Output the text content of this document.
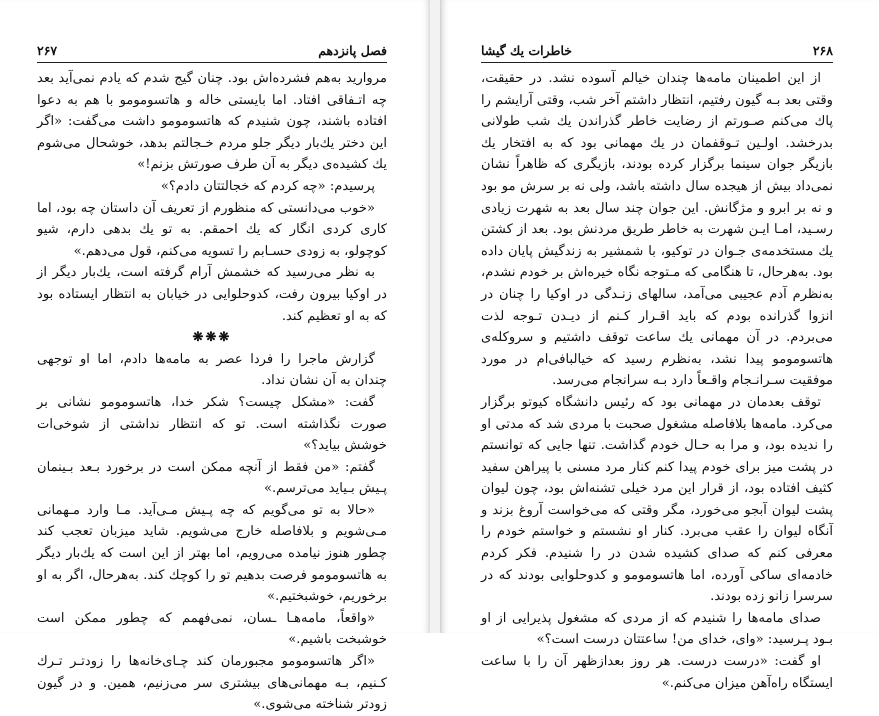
۲۶۷	فصل پانزدهم

مرواريد به‌هم فشرده‌اش بود. چنان گيج شدم كه يادم نمی‌آيد بعد چه اتـفاقی افتاد. اما بايستی خاله و هاتسومومو با هم به دعوا افتاده باشند، چون شنيدم كه هاتسومومو داشت می‌گفت: «اگر اين دختر يك‌بار ديگر جلو مردم خـجالتم بدهد، خوشحال می‌شوم يك كشيده‌ی ديگر به آن طرف صورتش بزنم!»

پرسيدم: «چه كردم كه خجالتتان دادم؟»

«خوب می‌دانستی كه منظورم از تعريف آن داستان چه بود، اما كاری كردی انگار كه يك احمقم. به تو يك بدهی دارم، شيو كوچولو، به زودی حسـابم را تسويه می‌كنم، قول می‌دهم.»

به نظر می‌رسيد كه خشمش آرام گرفته است، يك‌بار ديگر از در اوكيا بيرون رفت، كدوحلوايی در خيابان به انتظار ايستاده بود كه به او تعظيم كند.

❋❋❋

گزارش ماجرا را فردا عصر به مامه‌ها دادم، اما او توجهی چندان به آن نشان نداد.

گفت: «مشكل چيست؟ شكر خدا، هاتسومومو نشانی بر صورت نگذاشته است. تو كه انتظار نداشتی از شوخی‌ات خوشش بيايد؟»

گفتم: «من فقط از آنچه ممكن است در برخورد بـعد بـينمان پـيش بـيايد می‌ترسم.»

«حالا به تو می‌گويم كه چه پـيش مـی‌آيد. مـا وارد مـهمانی مـی‌شويم و بلافاصله خارج می‌شويم. شايد ميزبان تعجب كند چطور هنوز نيامده می‌رويم، اما بهتر از اين است كه يك‌بار ديگر به هاتسومومو فرصت بدهيم تو را كوچك كند. به‌هرحال، اگر به او برخوريم، خوشبختيم.»

«واقعاً، مامه‌هـا ـسان، نمی‌فهمم كه چطور ممكن است خوشبخت باشيم.»

«اگر هاتسومومو مجبورمان كند چـای‌خانه‌ها را زودتـر تـرك كـنيم، بـه مهمانی‌های بيشتری سر می‌زنيم، همين. و در گيون زودتر شناخته می‌شوی.»

خاطرات يك گيشا	۲۶۸

از اين اطمينان مامه‌ها چندان خيالم آسوده نشد. در حقيقت، وقتی بعد بـه گيون رفتيم، انتظار داشتم آخر شب، وقتی آرايشم را پاك می‌كنم صـورتم از رضايت خاطر گذراندن يك شب طولانی بدرخشد. اولـين تـوقفمان در يك مهمانی بود كه به افتخار يك بازيگر جوان سينما برگزار كرده بودند، بازيگری كه ظاهراً نشان نمی‌داد بيش از هيجده سال داشته باشد، ولی نه بر سرش مو بود و نه بر ابرو و مژگانش. اين جوان چند سال بعد به شهرت زيادی رسـيد، امـا ايـن شهرت به خاطر طريق مردنش بود. بعد از كشتن يك مستخدمه‌ی جـوان در توكيو، با شمشير به زندگيش پايان داده بود. به‌هرحال، تا هنگامی كه مـتوجه نگاه خيره‌اش بر خودم نشدم، به‌نظرم آدم عجيبی می‌آمد، سالهای زنـدگی در اوكيا را چنان در انزوا گذرانده بودم كه بايد اقـرار كـنم از ديـدن تـوجه لذت می‌بردم. در آن مهمانی يك ساعت توقف داشتيم و سروكله‌ی هاتسومومو پيدا نشد، به‌نظرم رسيد كه خيالبافی‌ام در مورد موفقيت سـرانـجام واقـعاً دارد بـه سرانجام می‌رسد.

توقف بعدمان در مهمانی بود كه رئيس دانشگاه كيوتو برگزار می‌كرد. مامه‌ها بلافاصله مشغول صحبت با مردی شد كه مدتی او را نديده بود، و مرا به حـال خودم گذاشت. تنها جايی كه توانستم در پشت ميز برای خودم پيدا كنم كنار مرد مسنی با پيراهن سفيد كثيف افتاده بود، از قرار اين مرد خيلی تشنه‌اش بود، چون ليوان پشت ليوان آبجو می‌خورد، مگر وقتی كه می‌خواست آروغ بزند و آنگاه ليوان را عقب می‌برد. كنار او نشستم و خواستم خودم را معرفی كنم كه صدای كشيده شدن در را شنيدم. فكر كردم خادمه‌ای ساكی آورده، اما هاتسومومو و كدوحلوايی بودند كه در سرسرا زانو زده بودند.

صدای مامه‌ها را شنيدم كه از مردی كه مشغول پذيرايی از او بـود پـرسيد: «وای، خدای من! ساعتتان درست است؟»

او گفت: «درست درست. هر روز بعدازظهر آن را با ساعت ايستگاه راه‌آهن ميزان می‌كنم.»
